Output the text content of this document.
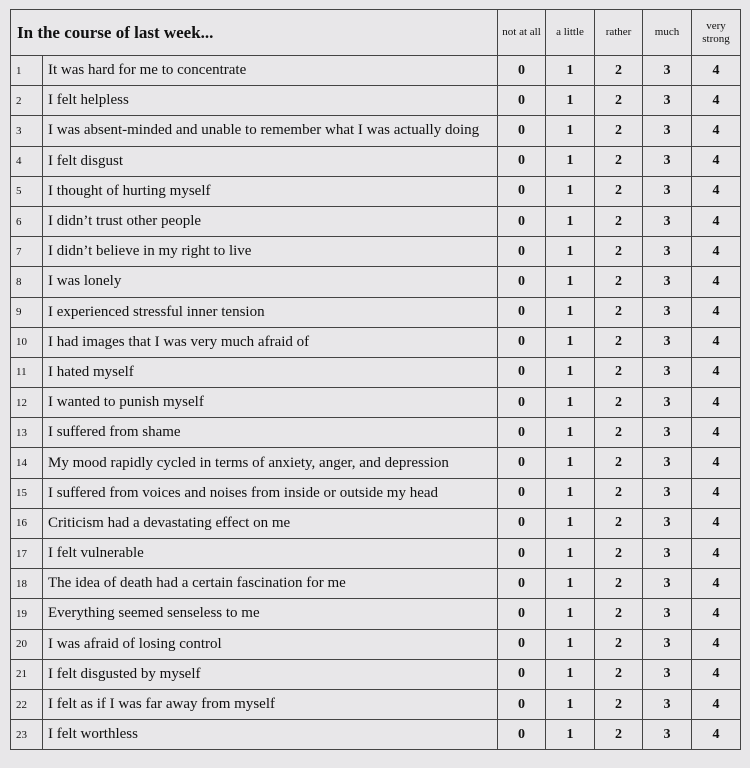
In the course of last week...		not at all	a little	rather	much	very strong
1	It was hard for me to concentrate	0	1	2	3	4
2	I felt helpless	0	1	2	3	4
3	I was absent-minded and unable to remember what I was actually doing	0	1	2	3	4
4	I felt disgust	0	1	2	3	4
5	I thought of hurting myself	0	1	2	3	4
6	I didn’t trust other people	0	1	2	3	4
7	I didn’t believe in my right to live	0	1	2	3	4
8	I was lonely	0	1	2	3	4
9	I experienced stressful inner tension	0	1	2	3	4
10	I had images that I was very much afraid of	0	1	2	3	4
11	I hated myself	0	1	2	3	4
12	I wanted to punish myself	0	1	2	3	4
13	I suffered from shame	0	1	2	3	4
14	My mood rapidly cycled in terms of anxiety, anger, and depression	0	1	2	3	4
15	I suffered from voices and noises from inside or outside my head	0	1	2	3	4
16	Criticism had a devastating effect on me	0	1	2	3	4
17	I felt vulnerable	0	1	2	3	4
18	The idea of death had a certain fascination for me	0	1	2	3	4
19	Everything seemed senseless to me	0	1	2	3	4
20	I was afraid of losing control	0	1	2	3	4
21	I felt disgusted by myself	0	1	2	3	4
22	I felt as if I was far away from myself	0	1	2	3	4
23	I felt worthless	0	1	2	3	4
